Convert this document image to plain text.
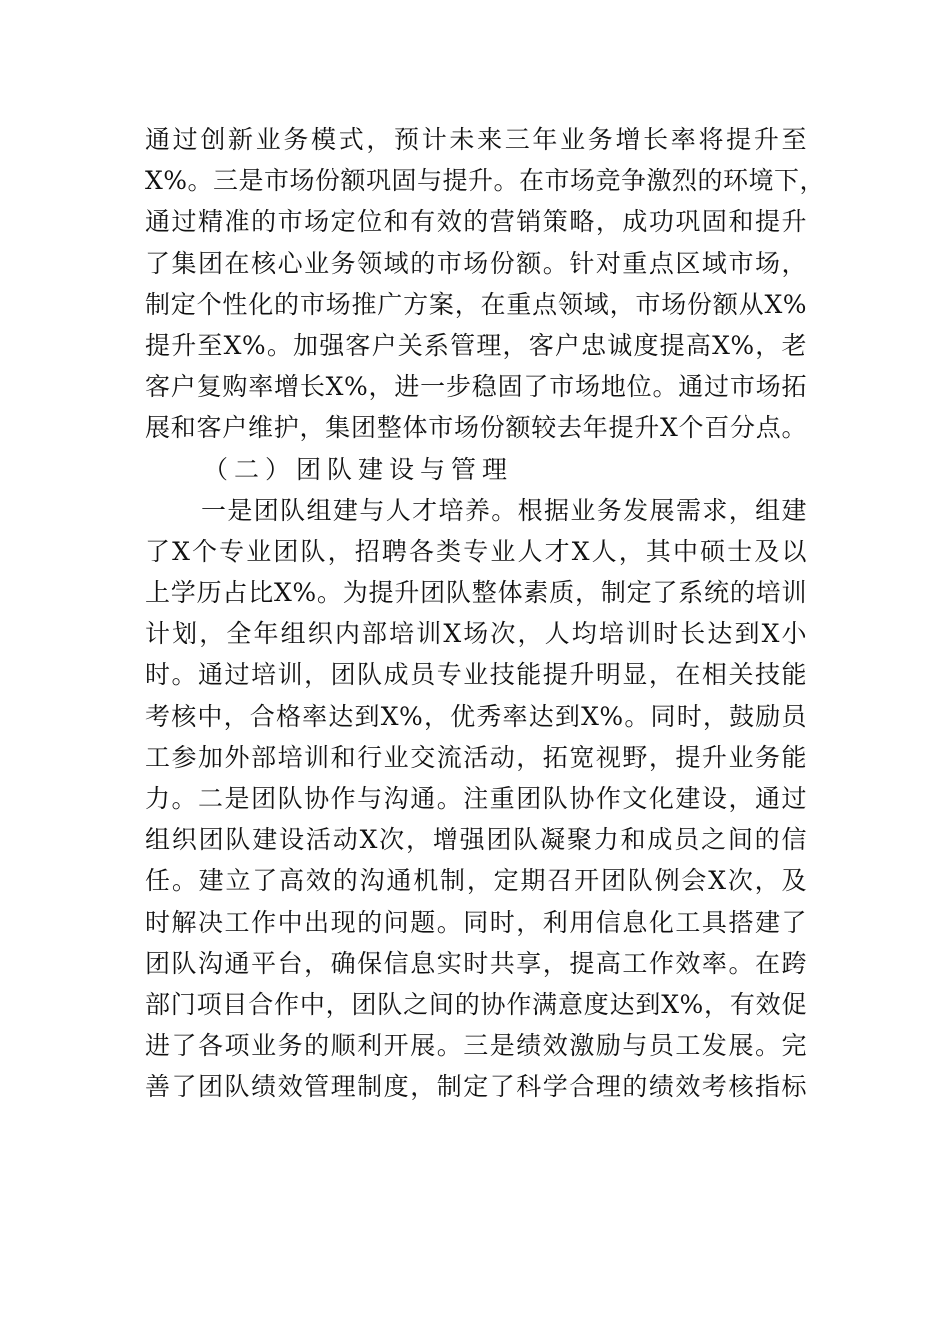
通过创新业务模式，预计未来三年业务增长率将提升至
X%。三是市场份额巩固与提升。在市场竞争激烈的环境下，
通过精准的市场定位和有效的营销策略，成功巩固和提升
了集团在核心业务领域的市场份额。针对重点区域市场，
制定个性化的市场推广方案，在重点领域，市场份额从X%
提升至X%。加强客户关系管理，客户忠诚度提高X%，老
客户复购率增长X%，进一步稳固了市场地位。通过市场拓
展和客户维护，集团整体市场份额较去年提升X个百分点。
（二）团队建设与管理
一是团队组建与人才培养。根据业务发展需求，组建
了X个专业团队，招聘各类专业人才X人，其中硕士及以
上学历占比X%。为提升团队整体素质，制定了系统的培训
计划，全年组织内部培训X场次，人均培训时长达到X小
时。通过培训，团队成员专业技能提升明显，在相关技能
考核中，合格率达到X%，优秀率达到X%。同时，鼓励员
工参加外部培训和行业交流活动，拓宽视野，提升业务能
力。二是团队协作与沟通。注重团队协作文化建设，通过
组织团队建设活动X次，增强团队凝聚力和成员之间的信
任。建立了高效的沟通机制，定期召开团队例会X次，及
时解决工作中出现的问题。同时，利用信息化工具搭建了
团队沟通平台，确保信息实时共享，提高工作效率。在跨
部门项目合作中，团队之间的协作满意度达到X%，有效促
进了各项业务的顺利开展。三是绩效激励与员工发展。完
善了团队绩效管理制度，制定了科学合理的绩效考核指标
